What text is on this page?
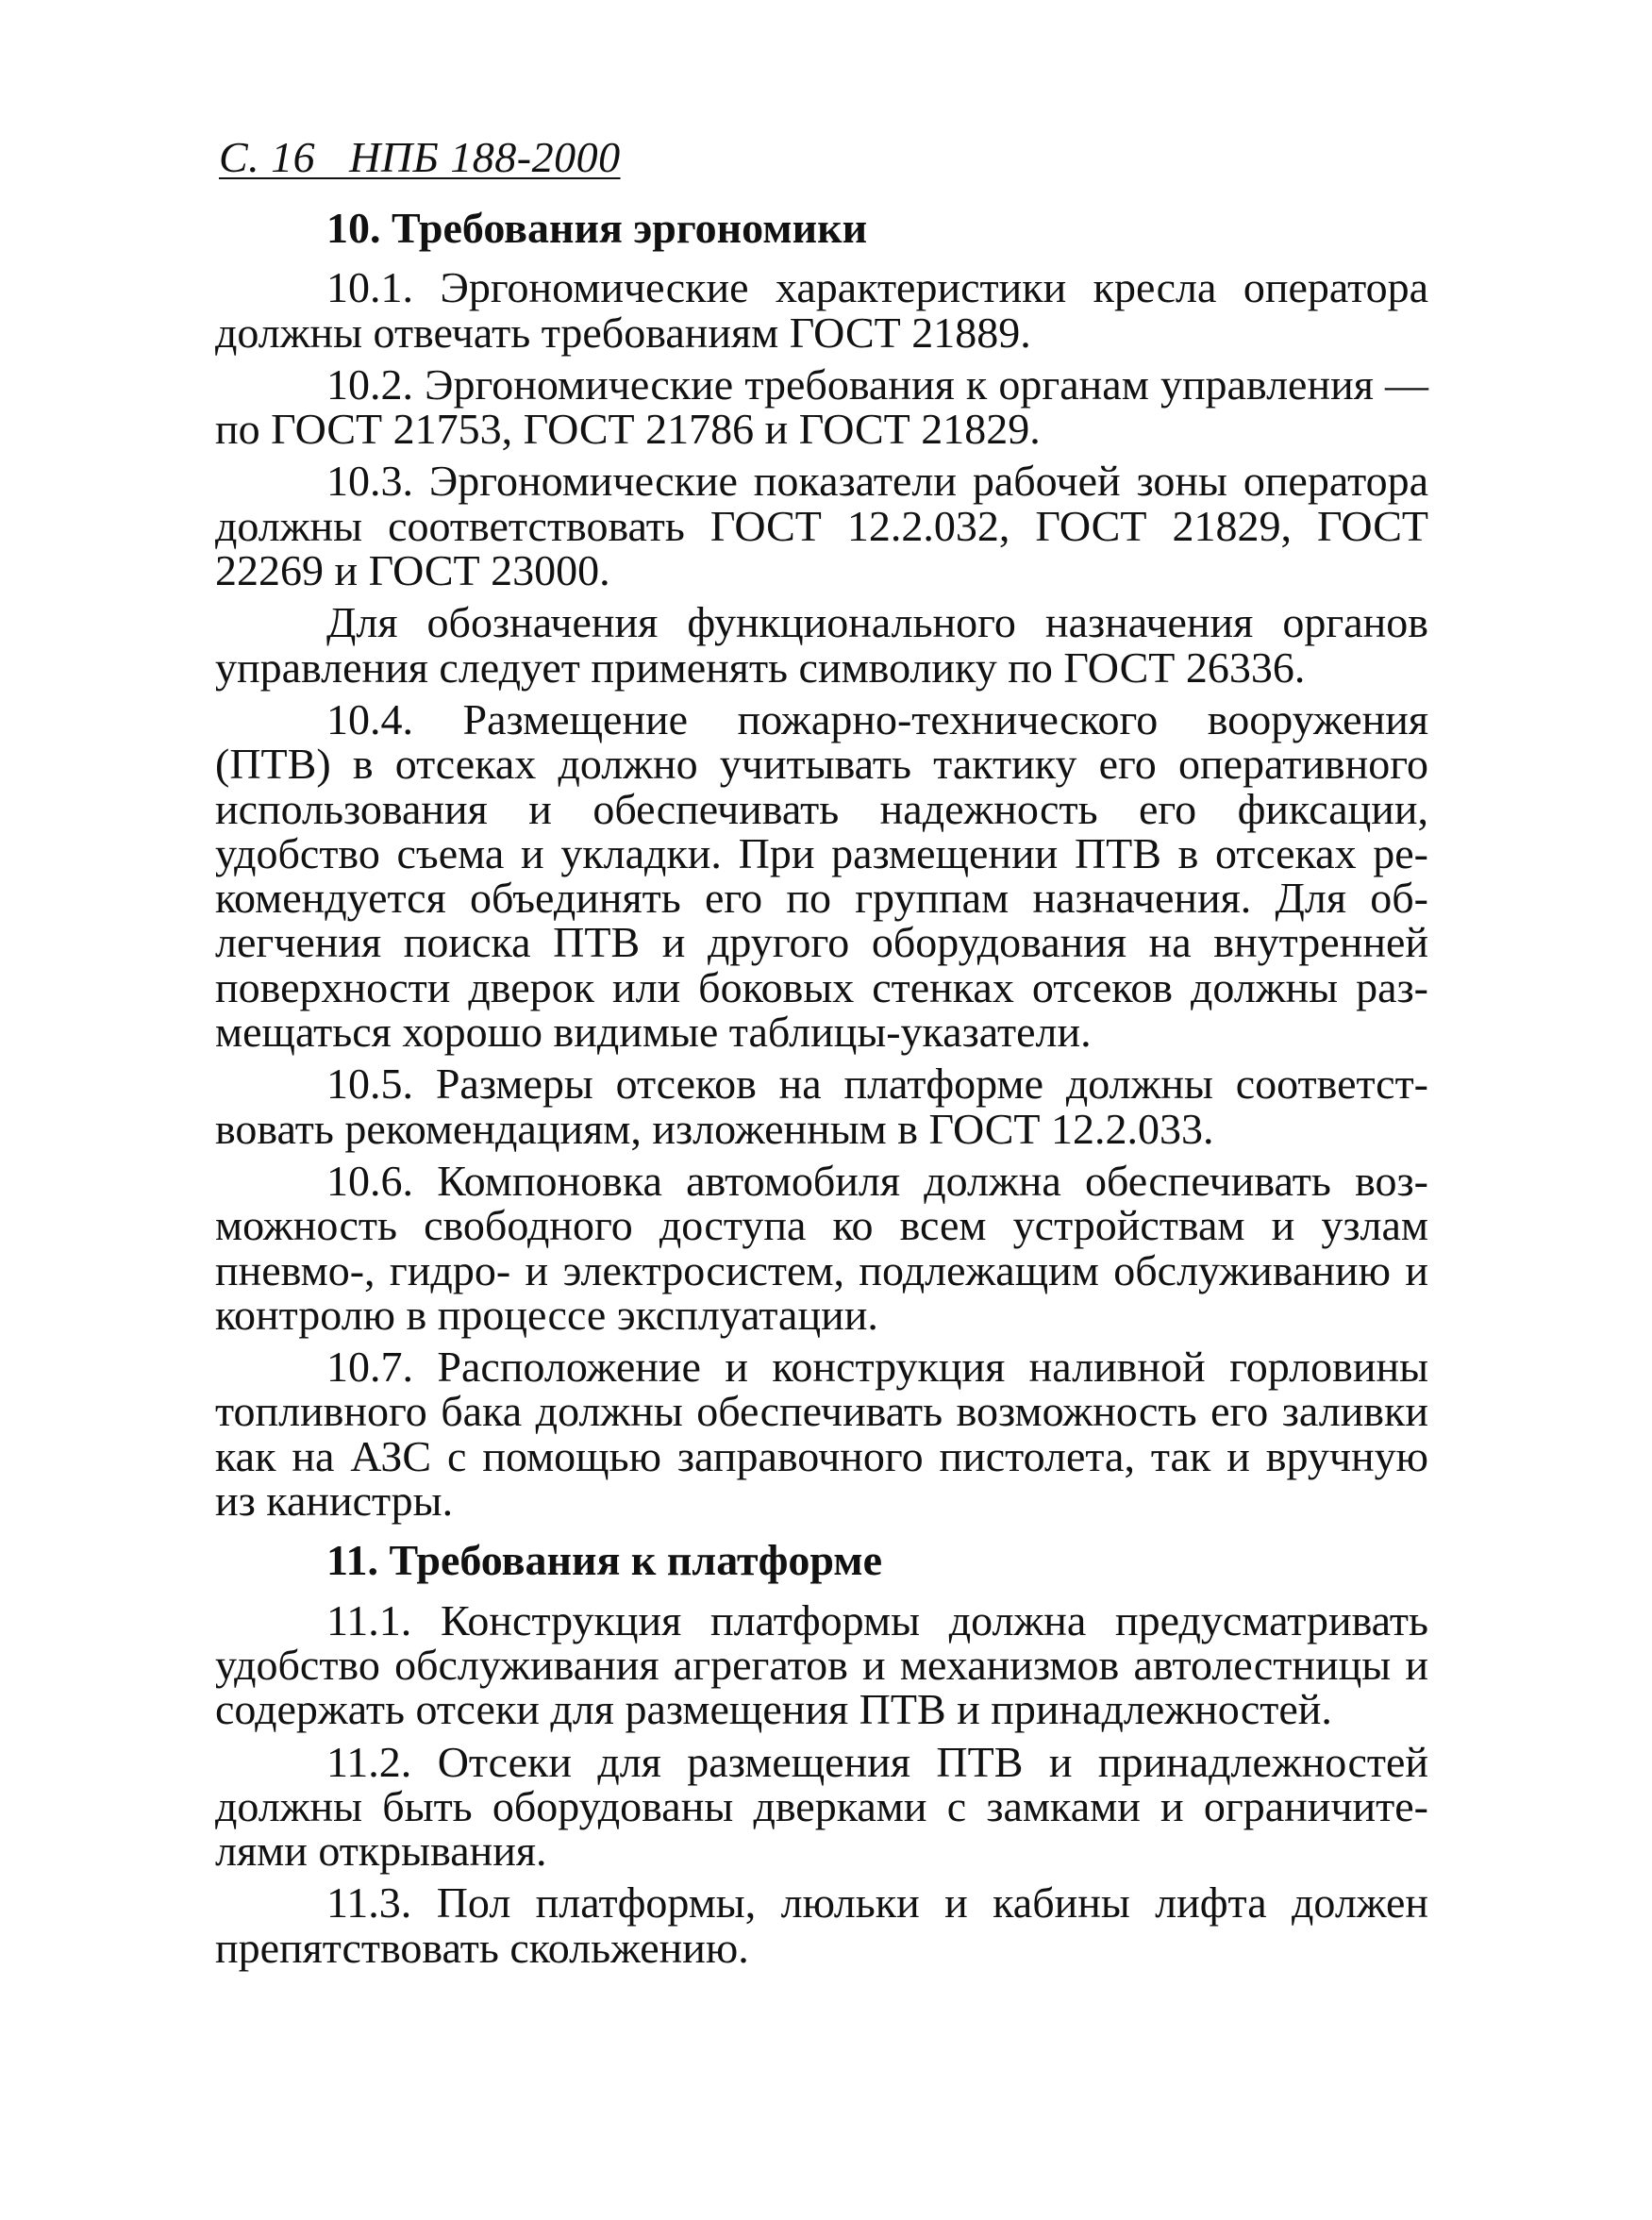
С. 16   НПБ 188-2000
10. Требования эргономики

10.1. Эргономические характеристики кресла оператора должны отвечать требованиям ГОСТ 21889.

10.2. Эргономические требования к органам управления — по ГОСТ 21753, ГОСТ 21786 и ГОСТ 21829.

10.3. Эргономические показатели рабочей зоны оператора должны соответствовать ГОСТ 12.2.032, ГОСТ 21829, ГОСТ 22269 и ГОСТ 23000.

Для обозначения функционального назначения органов управления следует применять символику по ГОСТ 26336.

10.4. Размещение пожарно-технического вооружения (ПТВ) в отсеках должно учитывать тактику его оперативного использования и обеспечивать надежность его фиксации, удобство съема и укладки. При размещении ПТВ в отсеках рекомендуется объединять его по группам назначения. Для облегчения поиска ПТВ и другого оборудования на внутренней поверхности дверок или боковых стенках отсеков должны размещаться хорошо видимые таблицы-указатели.

10.5. Размеры отсеков на платформе должны соответствовать рекомендациям, изложенным в ГОСТ 12.2.033.

10.6. Компоновка автомобиля должна обеспечивать возможность свободного доступа ко всем устройствам и узлам пневмо-, гидро- и электросистем, подлежащим обслуживанию и контролю в процессе эксплуатации.

10.7. Расположение и конструкция наливной горловины топливного бака должны обеспечивать возможность его заливки как на АЗС с помощью заправочного пистолета, так и вручную из канистры.

11. Требования к платформе

11.1. Конструкция платформы должна предусматривать удобство обслуживания агрегатов и механизмов автолестницы и содержать отсеки для размещения ПТВ и принадлежностей.

11.2. Отсеки для размещения ПТВ и принадлежностей должны быть оборудованы дверками с замками и ограничителями открывания.

11.3. Пол платформы, люльки и кабины лифта должен препятствовать скольжению.
